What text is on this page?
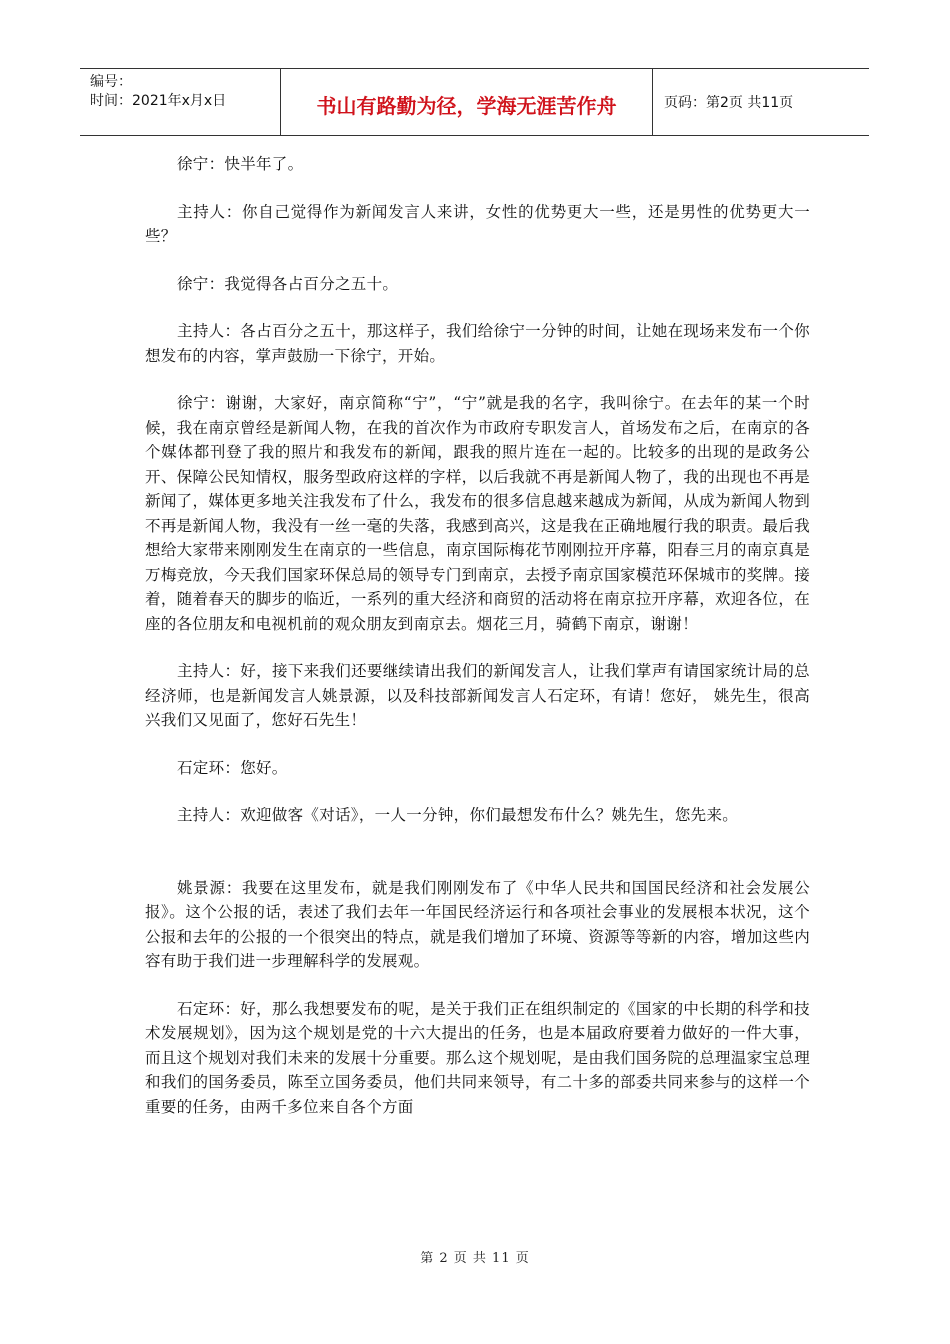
编号：
时间：2021年x月x日	书山有路勤为径，学海无涯苦作舟	页码：第2页 共11页

徐宁：快半年了。

主持人：你自己觉得作为新闻发言人来讲，女性的优势更大一些，还是男性的优势更大一些？

徐宁：我觉得各占百分之五十。

主持人：各占百分之五十，那这样子，我们给徐宁一分钟的时间，让她在现场来发布一个你想发布的内容，掌声鼓励一下徐宁，开始。

徐宁：谢谢，大家好，南京简称“宁”，“宁”就是我的名字，我叫徐宁。在去年的某一个时候，我在南京曾经是新闻人物，在我的首次作为市政府专职发言人，首场发布之后，在南京的各个媒体都刊登了我的照片和我发布的新闻，跟我的照片连在一起的。比较多的出现的是政务公开、保障公民知情权，服务型政府这样的字样，以后我就不再是新闻人物了，我的出现也不再是新闻了，媒体更多地关注我发布了什么，我发布的很多信息越来越成为新闻，从成为新闻人物到不再是新闻人物，我没有一丝一毫的失落，我感到高兴，这是我在正确地履行我的职责。最后我想给大家带来刚刚发生在南京的一些信息，南京国际梅花节刚刚拉开序幕，阳春三月的南京真是万梅竞放，今天我们国家环保总局的领导专门到南京，去授予南京国家模范环保城市的奖牌。接着，随着春天的脚步的临近，一系列的重大经济和商贸的活动将在南京拉开序幕，欢迎各位，在座的各位朋友和电视机前的观众朋友到南京去。烟花三月，骑鹤下南京，谢谢！

主持人：好，接下来我们还要继续请出我们的新闻发言人，让我们掌声有请国家统计局的总经济师，也是新闻发言人姚景源，以及科技部新闻发言人石定环，有请！您好， 姚先生，很高兴我们又见面了，您好石先生！

石定环：您好。

主持人：欢迎做客《对话》，一人一分钟，你们最想发布什么？姚先生，您先来。

姚景源：我要在这里发布，就是我们刚刚发布了《中华人民共和国国民经济和社会发展公报》。这个公报的话，表述了我们去年一年国民经济运行和各项社会事业的发展根本状况，这个公报和去年的公报的一个很突出的特点，就是我们增加了环境、资源等等新的内容，增加这些内容有助于我们进一步理解科学的发展观。

石定环：好，那么我想要发布的呢，是关于我们正在组织制定的《国家的中长期的科学和技术发展规划》，因为这个规划是党的十六大提出的任务，也是本届政府要着力做好的一件大事，而且这个规划对我们未来的发展十分重要。那么这个规划呢，是由我们国务院的总理温家宝总理和我们的国务委员，陈至立国务委员，他们共同来领导，有二十多的部委共同来参与的这样一个重要的任务，由两千多位来自各个方面

第 2 页 共 11 页
